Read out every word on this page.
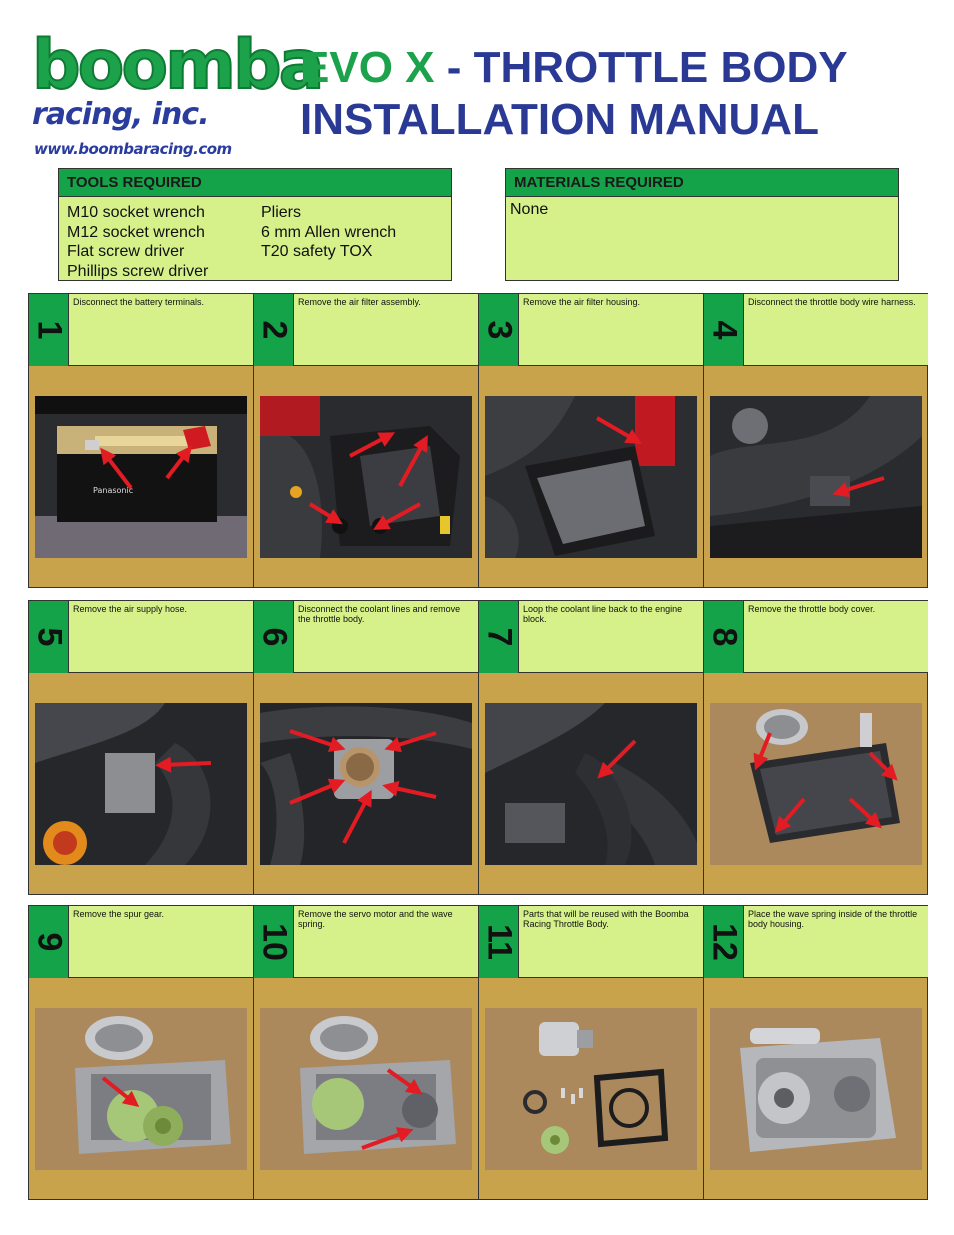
boomba
racing, inc.
www.boombaracing.com
EVO X - THROTTLE BODY
INSTALLATION MANUAL
TOOLS REQUIRED
M10 socket wrench
M12 socket wrench
Flat screw driver
Phillips screw driver
Pliers
6 mm Allen wrench
T20 safety TOX
MATERIALS REQUIRED
None
1
Disconnect the battery terminals.
Panasonic
2
Remove the air filter assembly.
3
Remove the air filter housing.
4
Disconnect the throttle body wire harness.
5
Remove the air supply hose.
6
Disconnect the coolant lines and remove the throttle body.
7
Loop the coolant line back to the engine block.
8
Remove the throttle body cover.
9
Remove the spur gear.
10
Remove the servo motor and the wave spring.
11
Parts that will be reused with the Boomba Racing Throttle Body.	12
Place the wave spring inside of the throttle body housing.
